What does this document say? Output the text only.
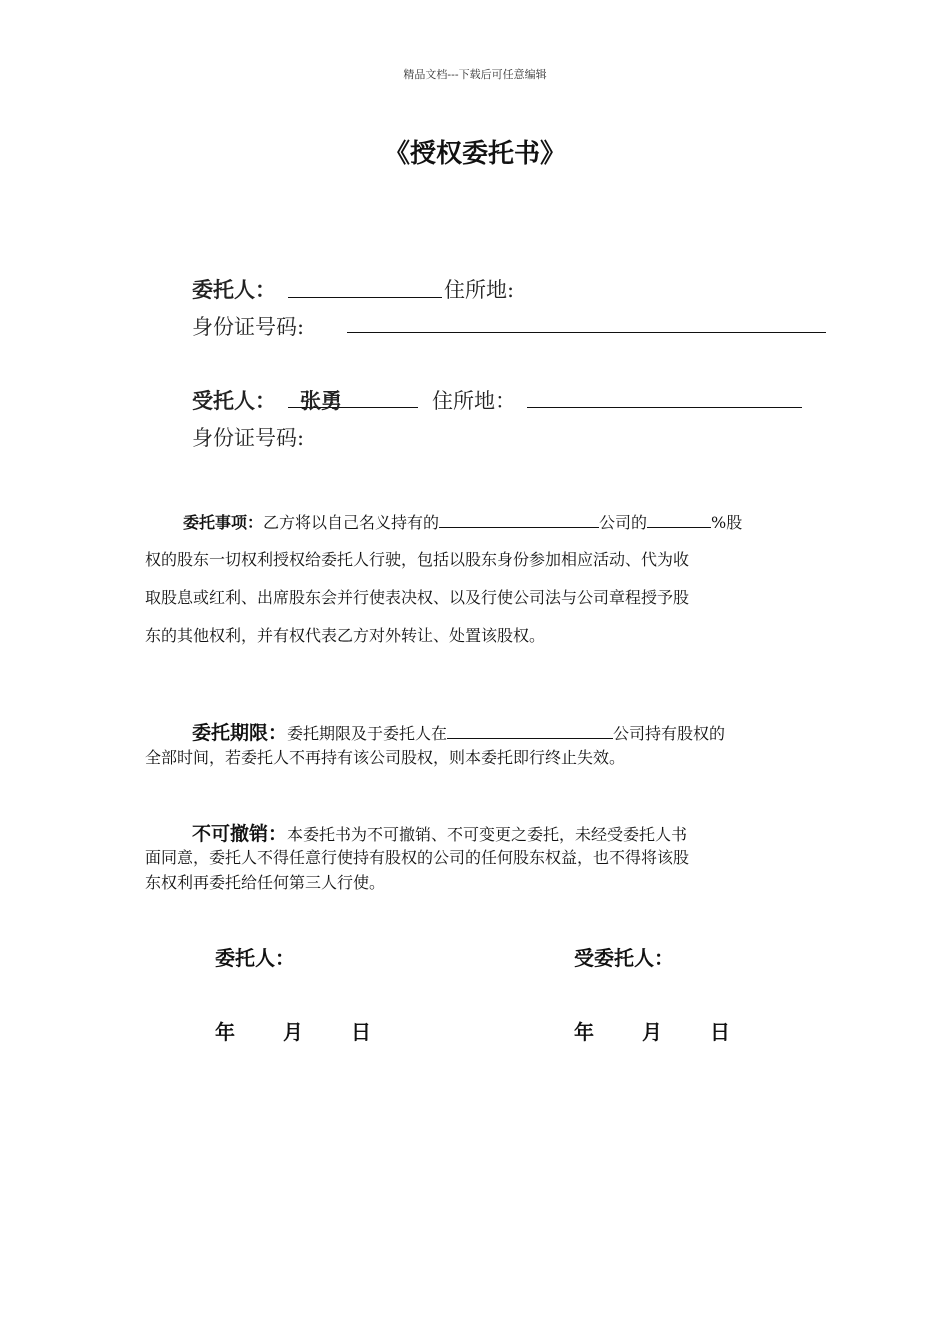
精品文档---下载后可任意编辑
《授权委托书》
委托人：	住所地:
身份证号码:
受托人： 张勇	住所地：
身份证号码:
委托事项：乙方将以自己名义持有的	公司的	%股
权的股东一切权利授权给委托人行驶，包括以股东身份参加相应活动、代为收
取股息或红利、出席股东会并行使表决权、以及行使公司法与公司章程授予股
东的其他权利，并有权代表乙方对外转让、处置该股权。
委托期限：委托期限及于委托人在	公司持有股权的
全部时间，若委托人不再持有该公司股权，则本委托即行终止失效。
不可撤销：本委托书为不可撤销、不可变更之委托，未经受委托人书
面同意，委托人不得任意行使持有股权的公司的任何股东权益，也不得将该股
东权利再委托给任何第三人行使。
委托人：	受委托人：
年 月 日	年 月 日
